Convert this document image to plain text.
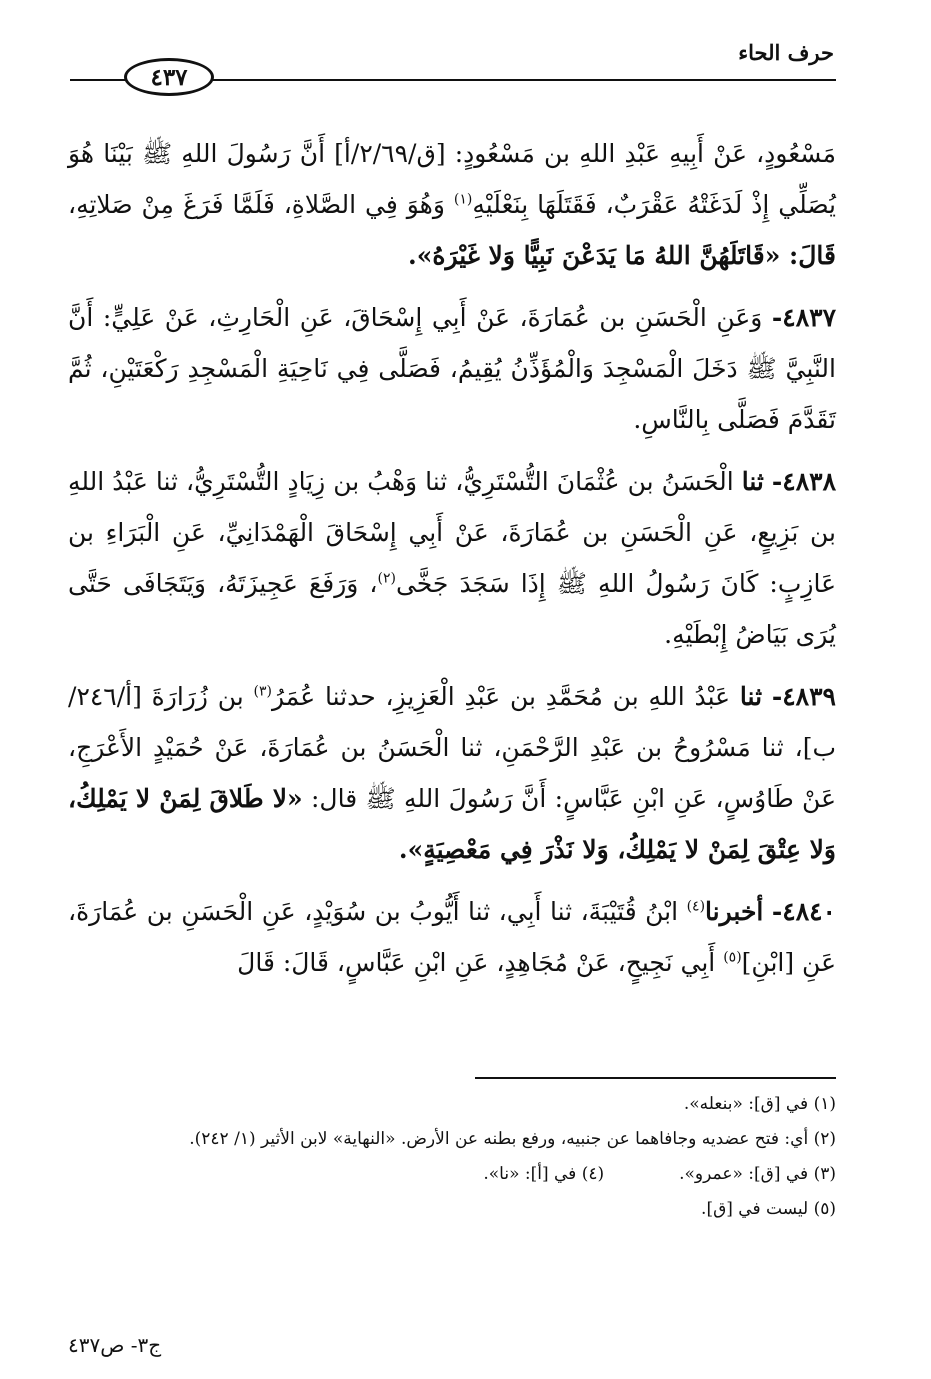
حرف الحاء
٤٣٧

مَسْعُودٍ، عَنْ أَبِيهِ عَبْدِ اللهِ بن مَسْعُودٍ: [ق/٢/٦٩/أ] أَنَّ رَسُولَ اللهِ ﷺ بَيْنَا هُوَ يُصَلِّي إِذْ لَدَغَتْهُ عَقْرَبٌ، فَقَتَلَهَا بِنَعْلَيْهِ$^{(١)}$ وَهُوَ فِي الصَّلاةِ، فَلَمَّا فَرَغَ مِنْ صَلاتِهِ، قَالَ: «قَاتَلَهُنَّ اللهُ مَا يَدَعْنَ نَبِيًّا وَلا غَيْرَهُ».

٤٨٣٧- وَعَنِ الْحَسَنِ بن عُمَارَةَ، عَنْ أَبِي إِسْحَاقَ، عَنِ الْحَارِثِ، عَنْ عَلِيٍّ: أَنَّ النَّبِيَّ ﷺ دَخَلَ الْمَسْجِدَ وَالْمُؤَذِّنُ يُقِيمُ، فَصَلَّى فِي نَاحِيَةِ الْمَسْجِدِ رَكْعَتَيْنِ، ثُمَّ تَقَدَّمَ فَصَلَّى بِالنَّاسِ.

٤٨٣٨- ثنا الْحَسَنُ بن عُثْمَانَ التُّسْتَرِيُّ، ثنا وَهْبُ بن زِيَادٍ التُّسْتَرِيُّ، ثنا عَبْدُ اللهِ بن بَزِيعٍ، عَنِ الْحَسَنِ بن عُمَارَةَ، عَنْ أَبِي إِسْحَاقَ الْهَمْدَانِيِّ، عَنِ الْبَرَاءِ بن عَازِبٍ: كَانَ رَسُولُ اللهِ ﷺ إِذَا سَجَدَ جَخَّى$^{(٢)}$، وَرَفَعَ عَجِيزَتَهُ، وَيَتَجَافَى حَتَّى يُرَى بَيَاضُ إِبْطَيْهِ.

٤٨٣٩- ثنا عَبْدُ اللهِ بن مُحَمَّدِ بن عَبْدِ الْعَزِيزِ، حدثنا عُمَرُ$^{(٣)}$ بن زُرَارَةَ [أ/٢٤٦/ب]، ثنا مَسْرُوحُ بن عَبْدِ الرَّحْمَنِ، ثنا الْحَسَنُ بن عُمَارَةَ، عَنْ حُمَيْدٍ الأَعْرَجِ، عَنْ طَاوُسٍ، عَنِ ابْنِ عَبَّاسٍ: أَنَّ رَسُولَ اللهِ ﷺ قال: «لا طَلاقَ لِمَنْ لا يَمْلِكُ، وَلا عِتْقَ لِمَنْ لا يَمْلِكُ، وَلا نَذْرَ فِي مَعْصِيَةٍ».

٤٨٤٠- أخبرنا$^{(٤)}$ ابْنُ قُتَيْبَةَ، ثنا أَبِي، ثنا أَيُّوبُ بن سُوَيْدٍ، عَنِ الْحَسَنِ بن عُمَارَةَ، عَنِ [ابْنِ]$^{(٥)}$ أَبِي نَجِيحٍ، عَنْ مُجَاهِدٍ، عَنِ ابْنِ عَبَّاسٍ، قَالَ: قَالَ

(١) في [ق]: «بنعله».

(٢) أي: فتح عضديه وجافاهما عن جنبيه، ورفع بطنه عن الأرض. «النهاية» لابن الأثير (١/ ٢٤٢).

(٣) في [ق]: «عمرو».
(٤) في [أ]: «نا».

(٥) ليست في [ق].

ج٣- ص٤٣٧
